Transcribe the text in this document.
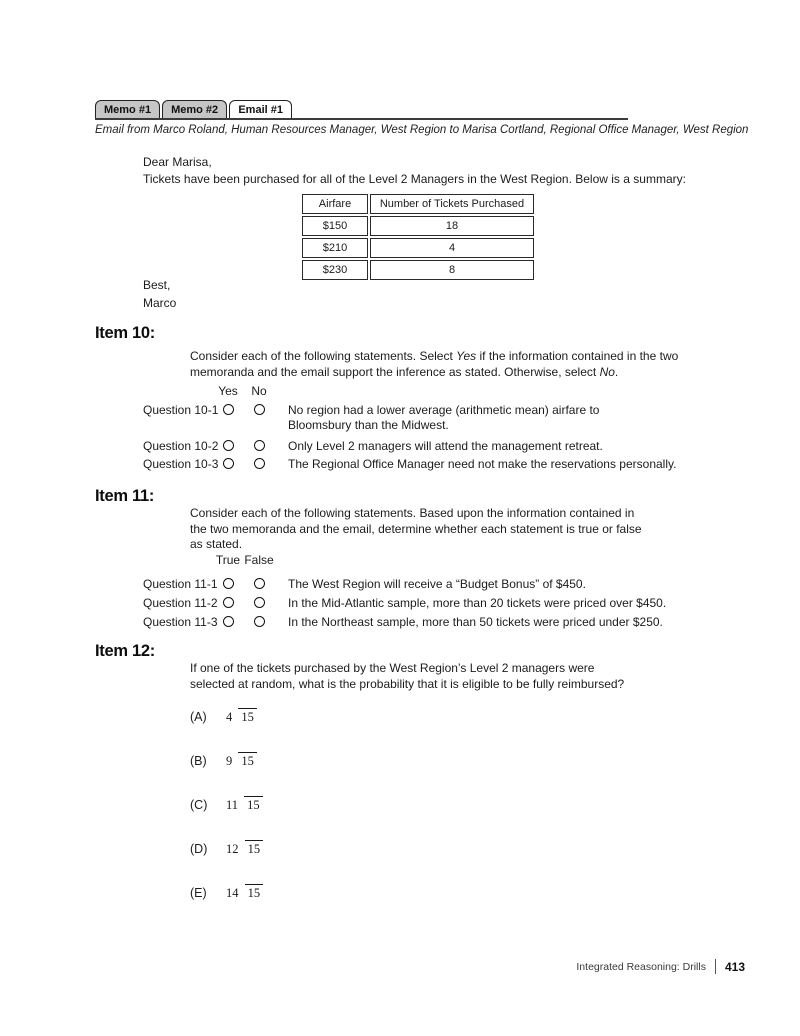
Memo #1	Memo #2	Email #1
Email from Marco Roland, Human Resources Manager, West Region to Marisa Cortland, Regional Office Manager, West Region
Dear Marisa,
Tickets have been purchased for all of the Level 2 Managers in the West Region. Below is a summary:
Airfare	Number of Tickets Purchased
$150	18
$210	4
$230	8
Best,
Marco
Item 10:
Consider each of the following statements. Select Yes if the information contained in the two memoranda and the email support the inference as stated. Otherwise, select No.
Yes	No
Question 10-1	No region had a lower average (arithmetic mean) airfare to Bloomsbury than the Midwest.
Question 10-2	Only Level 2 managers will attend the management retreat.
Question 10-3	The Regional Office Manager need not make the reservations personally.
Item 11:
Consider each of the following statements. Based upon the information contained in the two memoranda and the email, determine whether each statement is true or false as stated.
True False
Question 11-1	The West Region will receive a “Budget Bonus” of $450.
Question 11-2	In the Mid-Atlantic sample, more than 20 tickets were priced over $450.
Question 11-3	In the Northeast sample, more than 50 tickets were priced under $250.
Item 12:
If one of the tickets purchased by the West Region’s Level 2 managers were selected at random, what is the probability that it is eligible to be fully reimbursed?
(A)	4 15
(B)	9 15
(C)	11 15
(D)	12 15
(E)	14 15
Integrated Reasoning: Drills 413
